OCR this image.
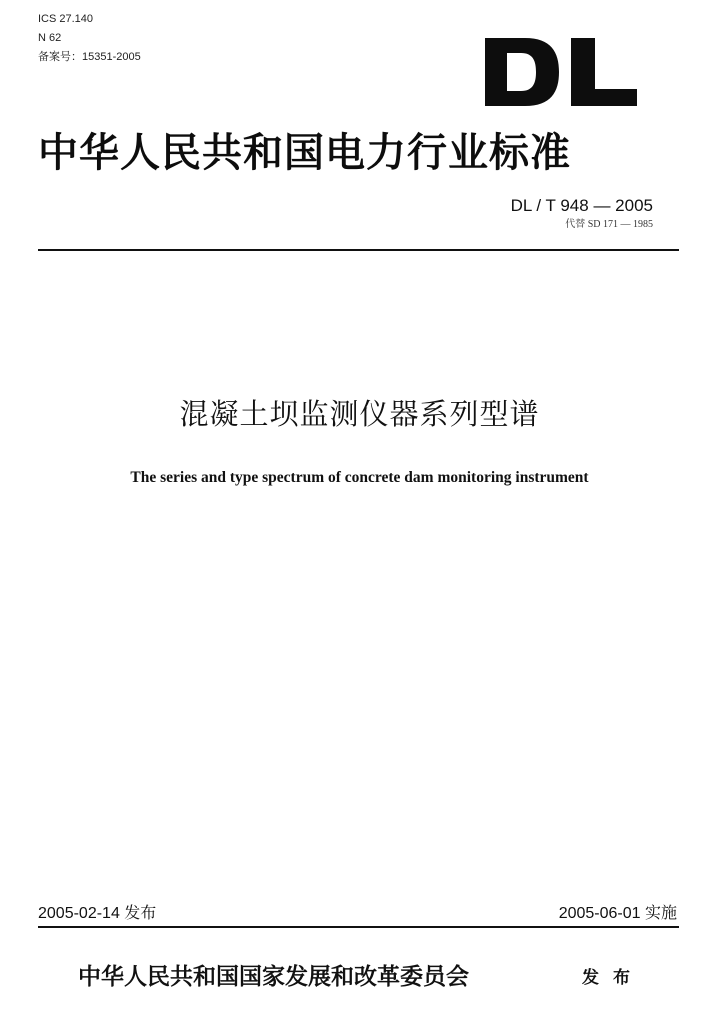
ICS 27.140
N 62
备案号：15351-2005
中华人民共和国电力行业标准
DL / T 948 — 2005
代替 SD 171 — 1985
混凝土坝监测仪器系列型谱
The series and type spectrum of concrete dam monitoring instrument
2005-02-14 发布	2005-06-01 实施
中华人民共和国国家发展和改革委员会	发布
